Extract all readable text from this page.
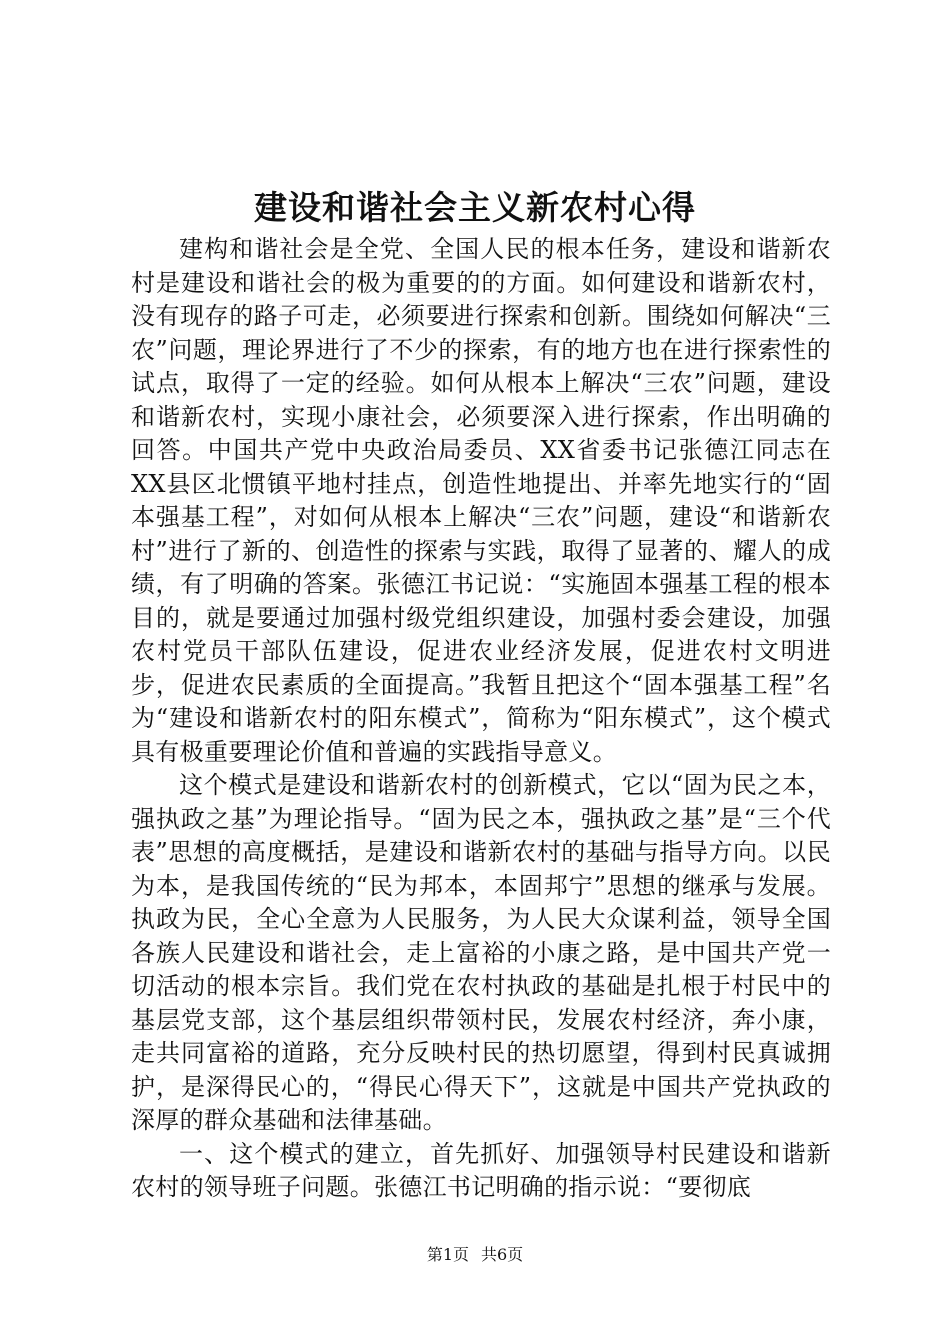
建设和谐社会主义新农村心得

建构和谐社会是全党、全国人民的根本任务，建设和谐新农村是建设和谐社会的极为重要的的方面。如何建设和谐新农村，没有现存的路子可走，必须要进行探索和创新。围绕如何解决“三农”问题，理论界进行了不少的探索，有的地方也在进行探索性的试点，取得了一定的经验。如何从根本上解决“三农”问题，建设和谐新农村，实现小康社会，必须要深入进行探索，作出明确的回答。中国共产党中央政治局委员、XX省委书记张德江同志在XX县区北惯镇平地村挂点，创造性地提出、并率先地实行的“固本强基工程”，对如何从根本上解决“三农”问题，建设“和谐新农村”进行了新的、创造性的探索与实践，取得了显著的、耀人的成绩，有了明确的答案。张德江书记说：“实施固本强基工程的根本目的，就是要通过加强村级党组织建设，加强村委会建设，加强农村党员干部队伍建设，促进农业经济发展，促进农村文明进步，促进农民素质的全面提高。”我暂且把这个“固本强基工程”名为“建设和谐新农村的阳东模式”，简称为“阳东模式”，这个模式具有极重要理论价值和普遍的实践指导意义。

这个模式是建设和谐新农村的创新模式，它以“固为民之本，强执政之基”为理论指导。“固为民之本，强执政之基”是“三个代表”思想的高度概括，是建设和谐新农村的基础与指导方向。以民为本，是我国传统的“民为邦本，本固邦宁”思想的继承与发展。执政为民，全心全意为人民服务，为人民大众谋利益，领导全国各族人民建设和谐社会，走上富裕的小康之路，是中国共产党一切活动的根本宗旨。我们党在农村执政的基础是扎根于村民中的基层党支部，这个基层组织带领村民，发展农村经济，奔小康，走共同富裕的道路，充分反映村民的热切愿望，得到村民真诚拥护，是深得民心的，“得民心得天下”，这就是中国共产党执政的深厚的群众基础和法律基础。

一、这个模式的建立，首先抓好、加强领导村民建设和谐新农村的领导班子问题。张德江书记明确的指示说：“要彻底

第1页 共6页
